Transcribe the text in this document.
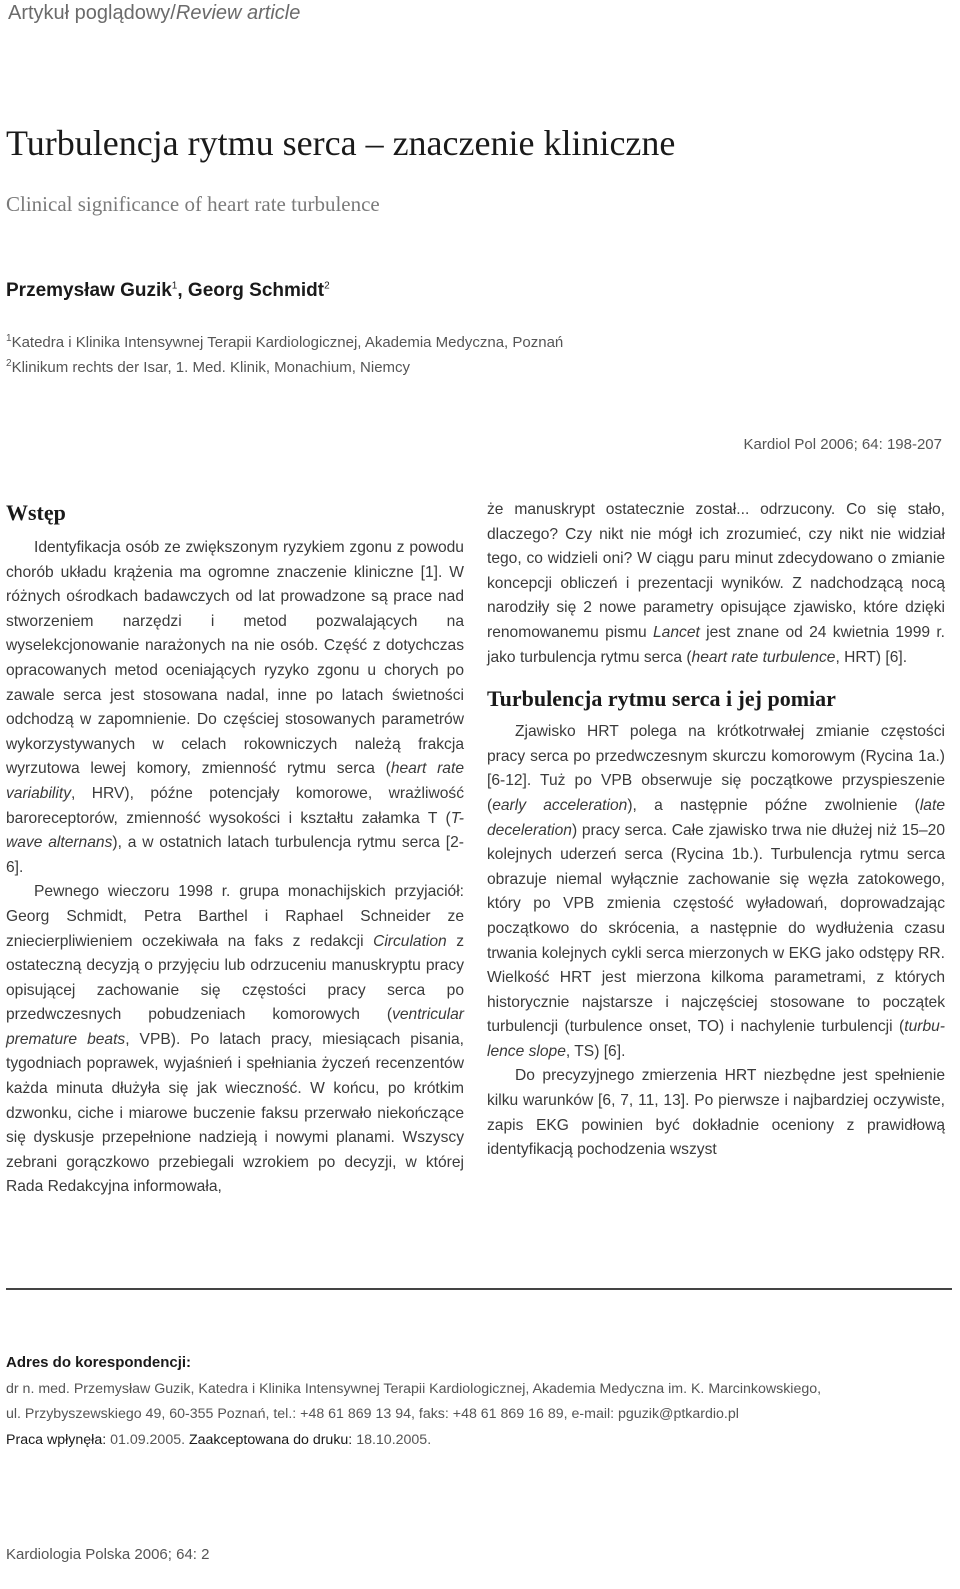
Artykuł poglądowy/Review article
Turbulencja rytmu serca – znaczenie kliniczne
Clinical significance of heart rate turbulence
Przemysław Guzik$^1$, Georg Schmidt$^2$
$^1$Katedra i Klinika Intensywnej Terapii Kardiologicznej, Akademia Medyczna, Poznań
$^2$Klinikum rechts der Isar, 1. Med. Klinik, Monachium, Niemcy
Kardiol Pol 2006; 64: 198-207
Wstęp

Identyfikacja osób ze zwiększonym ryzykiem zgonu z powodu chorób układu krążenia ma ogromne znaczenie kliniczne [1]. W różnych ośrodkach badawczych od lat prowadzone są prace nad stworzeniem narzędzi i metod pozwalających na wyselekcjonowanie narażonych na nie osób. Część z dotychczas opracowanych metod oceniających ryzyko zgonu u chorych po zawale serca jest stosowana nadal, inne po latach świetności odchodzą w zapomnienie. Do częściej stosowanych parametrów wykorzystywanych w celach rokowniczych należą frakcja wyrzutowa lewej komory, zmienność rytmu serca (heart rate variability, HRV), późne potencjały komorowe, wrażliwość baroreceptorów, zmienność wysokości i kształtu załamka T (T-wave alternans), a w ostatnich latach turbulencja rytmu serca [2-6].

Pewnego wieczoru 1998 r. grupa monachijskich przyjaciół: Georg Schmidt, Petra Barthel i Raphael Schneider ze zniecierpliwieniem oczekiwała na faks z redakcji Circulation z ostateczną decyzją o przyjęciu lub odrzuceniu manuskryptu pracy opisującej zachowanie się częstości pracy serca po przedwczesnych pobudzeniach komorowych (ventricular premature beats, VPB). Po latach pracy, miesiącach pisania, tygodniach poprawek, wyjaśnień i spełniania życzeń recenzentów każda minuta dłużyła się jak wieczność. W końcu, po krótkim dzwonku, ciche i miarowe buczenie faksu przerwało niekończące się dyskusje przepełnione nadzieją i nowymi planami. Wszyscy zebrani gorączkowo przebiegali wzrokiem po decyzji, w której Rada Redakcyjna informowała,

że manuskrypt ostatecznie został... odrzucony. Co się stało, dlaczego? Czy nikt nie mógł ich zrozumieć, czy nikt nie widział tego, co widzieli oni? W ciągu paru minut zdecydowano o zmianie koncepcji obliczeń i prezentacji wyników. Z nadchodzącą nocą narodziły się 2 nowe parametry opisujące zjawisko, które dzięki renomowanemu pismu Lancet jest znane od 24 kwietnia 1999 r. jako turbulencja rytmu serca (heart rate turbulence, HRT) [6].

Turbulencja rytmu serca i jej pomiar

Zjawisko HRT polega na krótkotrwałej zmianie częstości pracy serca po przedwczesnym skurczu komorowym (Rycina 1a.) [6-12]. Tuż po VPB obserwuje się początkowe przyspieszenie (early acceleration), a następnie późne zwolnienie (late deceleration) pracy serca. Całe zjawisko trwa nie dłużej niż 15–20 kolejnych uderzeń serca (Rycina 1b.). Turbulencja rytmu serca obrazuje niemal wyłącznie zachowanie się węzła zatokowego, który po VPB zmienia częstość wyładowań, doprowadzając początkowo do skrócenia, a następnie do wydłużenia czasu trwania kolejnych cykli serca mierzonych w EKG jako odstępy RR. Wielkość HRT jest mierzona kilkoma parametrami, z których historycznie najstarsze i najczęściej stosowane to początek turbulencji (turbulence onset, TO) i nachylenie turbulencji (turbulence slope, TS) [6].

Do precyzyjnego zmierzenia HRT niezbędne jest spełnienie kilku warunków [6, 7, 11, 13]. Po pierwsze i najbardziej oczywiste, zapis EKG powinien być dokładnie oceniony z prawidłową identyfikacją pochodzenia wszyst

Adres do korespondencji:
dr n. med. Przemysław Guzik, Katedra i Klinika Intensywnej Terapii Kardiologicznej, Akademia Medyczna im. K. Marcinkowskiego,
ul. Przybyszewskiego 49, 60-355 Poznań, tel.: +48 61 869 13 94, faks: +48 61 869 16 89, e-mail: pguzik@ptkardio.pl
Praca wpłynęła: 01.09.2005. Zaakceptowana do druku: 18.10.2005.
Kardiologia Polska 2006; 64: 2
